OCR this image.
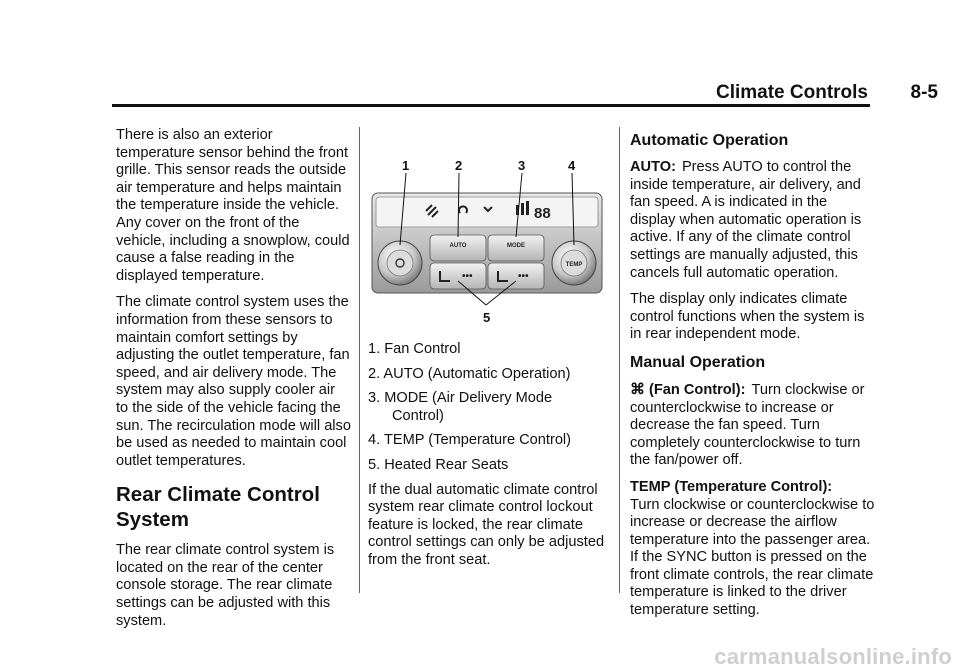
Climate Controls 8-5

There is also an exterior temperature sensor behind the front grille. This sensor reads the outside air temperature and helps maintain the temperature inside the vehicle. Any cover on the front of the vehicle, including a snowplow, could cause a false reading in the displayed temperature.

The climate control system uses the information from these sensors to maintain comfort settings by adjusting the outlet temperature, fan speed, and air delivery mode. The system may also supply cooler air to the side of the vehicle facing the sun. The recirculation mode will also be used as needed to maintain cool outlet temperatures.

Rear Climate Control System

The rear climate control system is located on the rear of the center console storage. The rear climate settings can be adjusted with this system.

1	2	3	4
5
88
TEMP
AUTO	MODE
•••	•••
1. Fan Control
2. AUTO (Automatic Operation)
3. MODE (Air Delivery Mode Control)
4. TEMP (Temperature Control)
5. Heated Rear Seats

If the dual automatic climate control system rear climate control lockout feature is locked, the rear climate control settings can only be adjusted from the front seat.

Automatic Operation

AUTO: Press AUTO to control the inside temperature, air delivery, and fan speed. A is indicated in the display when automatic operation is active. If any of the climate control settings are manually adjusted, this cancels full automatic operation.

The display only indicates climate control functions when the system is in rear independent mode.

Manual Operation

⌘ (Fan Control): Turn clockwise or counterclockwise to increase or decrease the fan speed. Turn completely counterclockwise to turn the fan/power off.

TEMP (Temperature Control):
Turn clockwise or counterclockwise to increase or decrease the airflow temperature into the passenger area. If the SYNC button is pressed on the front climate controls, the rear climate temperature is linked to the driver temperature setting.

carmanualsonline.info
